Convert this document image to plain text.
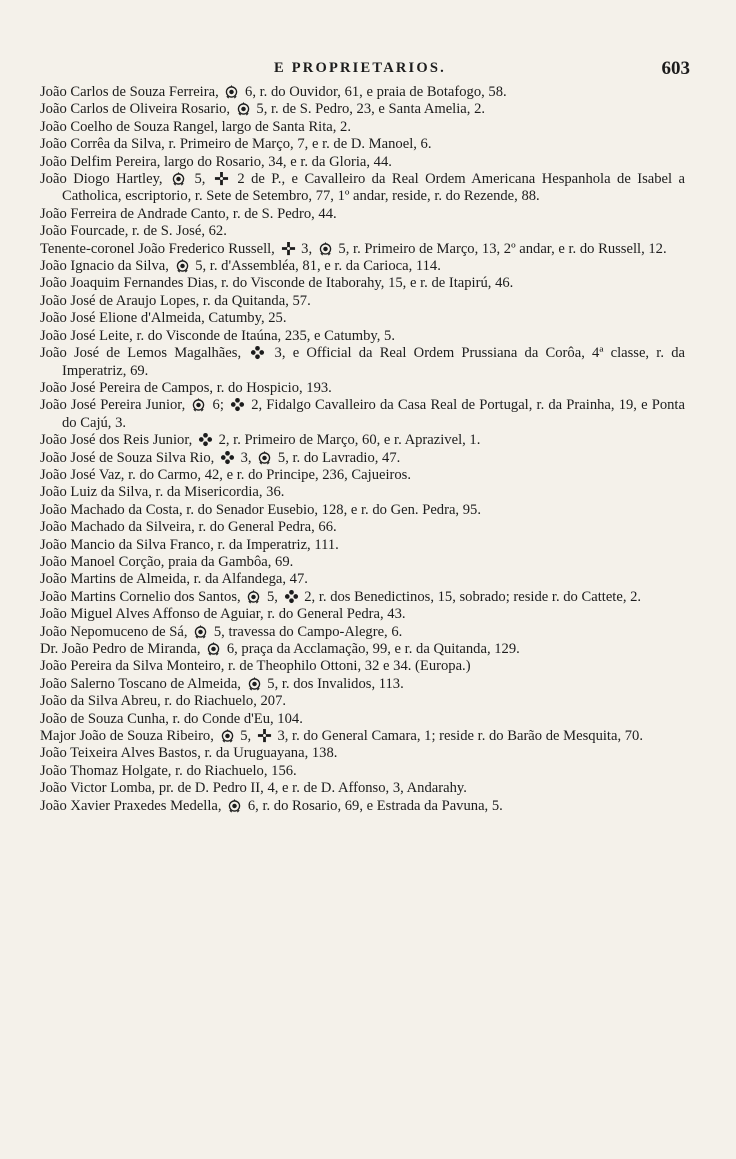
E PROPRIETARIOS.	603

João Carlos de Souza Ferreira, 6, r. do Ouvidor, 61, e praia de Botafogo, 58.

João Carlos de Oliveira Rosario, 5, r. de S. Pedro, 23, e Santa Amelia, 2.

João Coelho de Souza Rangel, largo de Santa Rita, 2.

João Corrêa da Silva, r. Primeiro de Março, 7, e r. de D. Manoel, 6.

João Delfim Pereira, largo do Rosario, 34, e r. da Gloria, 44.

João Diogo Hartley, 5, 2 de P., e Cavalleiro da Real Ordem Americana Hespanhola de Isabel a Catholica, escriptorio, r. Sete de Setembro, 77, 1º andar, reside, r. do Rezende, 88.

João Ferreira de Andrade Canto, r. de S. Pedro, 44.

João Fourcade, r. de S. José, 62.

Tenente-coronel João Frederico Russell, 3, 5, r. Primeiro de Março, 13, 2º andar, e r. do Russell, 12.

João Ignacio da Silva, 5, r. d'Assembléa, 81, e r. da Carioca, 114.

João Joaquim Fernandes Dias, r. do Visconde de Itaborahy, 15, e r. de Itapirú, 46.

João José de Araujo Lopes, r. da Quitanda, 57.

João José Elione d'Almeida, Catumby, 25.

João José Leite, r. do Visconde de Itaúna, 235, e Catumby, 5.

João José de Lemos Magalhães, 3, e Official da Real Ordem Prussiana da Corôa, 4ª classe, r. da Imperatriz, 69.

João José Pereira de Campos, r. do Hospicio, 193.

João José Pereira Junior, 6; 2, Fidalgo Cavalleiro da Casa Real de Portugal, r. da Prainha, 19, e Ponta do Cajú, 3.

João José dos Reis Junior, 2, r. Primeiro de Março, 60, e r. Aprazivel, 1.

João José de Souza Silva Rio, 3, 5, r. do Lavradio, 47.

João José Vaz, r. do Carmo, 42, e r. do Principe, 236, Cajueiros.

João Luiz da Silva, r. da Misericordia, 36.

João Machado da Costa, r. do Senador Eusebio, 128, e r. do Gen. Pedra, 95.

João Machado da Silveira, r. do General Pedra, 66.

João Mancio da Silva Franco, r. da Imperatriz, 111.

João Manoel Corção, praia da Gambôa, 69.

João Martins de Almeida, r. da Alfandega, 47.

João Martins Cornelio dos Santos, 5, 2, r. dos Benedictinos, 15, sobrado; reside r. do Cattete, 2.

João Miguel Alves Affonso de Aguiar, r. do General Pedra, 43.

João Nepomuceno de Sá, 5, travessa do Campo-Alegre, 6.

Dr. João Pedro de Miranda, 6, praça da Acclamação, 99, e r. da Quitanda, 129.

João Pereira da Silva Monteiro, r. de Theophilo Ottoni, 32 e 34. (Europa.)

João Salerno Toscano de Almeida, 5, r. dos Invalidos, 113.

João da Silva Abreu, r. do Riachuelo, 207.

João de Souza Cunha, r. do Conde d'Eu, 104.

Major João de Souza Ribeiro, 5, 3, r. do General Camara, 1; reside r. do Barão de Mesquita, 70.

João Teixeira Alves Bastos, r. da Uruguayana, 138.

João Thomaz Holgate, r. do Riachuelo, 156.

João Victor Lomba, pr. de D. Pedro II, 4, e r. de D. Affonso, 3, Andarahy.

João Xavier Praxedes Medella, 6, r. do Rosario, 69, e Estrada da Pavuna, 5.
